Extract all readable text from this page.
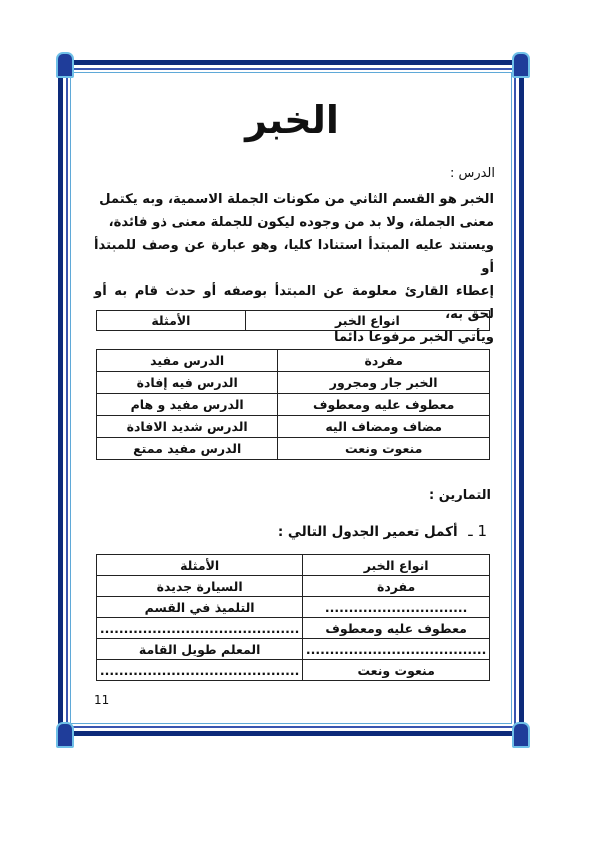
الخبر
الدرس :

الخبر هو القسم الثاني من مكونات الجملة الاسمية، وبه يكتمل

معنى الجملة، ولا بد من وجوده ليكون للجملة معنى ذو فائدة،

ويستند عليه المبتدأ استنادا كليا، وهو عبارة عن وصف للمبتدأ أو

إعطاء القارئ معلومة عن المبتدأ بوصفه أو حدث قام به أو لحق به،

ويأتي الخبر مرفوعا دائما

انواع الخبر	الأمثلة
مفردة	الدرس مفيد
الخبر جار ومجرور	الدرس فيه إفادة
معطوف عليه ومعطوف	الدرس مفيد و هام
مضاف ومضاف اليه	الدرس شديد الافادة
منعوت ونعت	الدرس مفيد ممتع
التمارين :
1 ـ أكمل تعمير الجدول التالي :
انواع الخبر	الأمثلة
مفردة	السيارة جديدة
..............................	التلميذ في القسم
معطوف عليه ومعطوف	..........................................
......................................	المعلم طويل القامة
منعوت ونعت	..........................................
11
